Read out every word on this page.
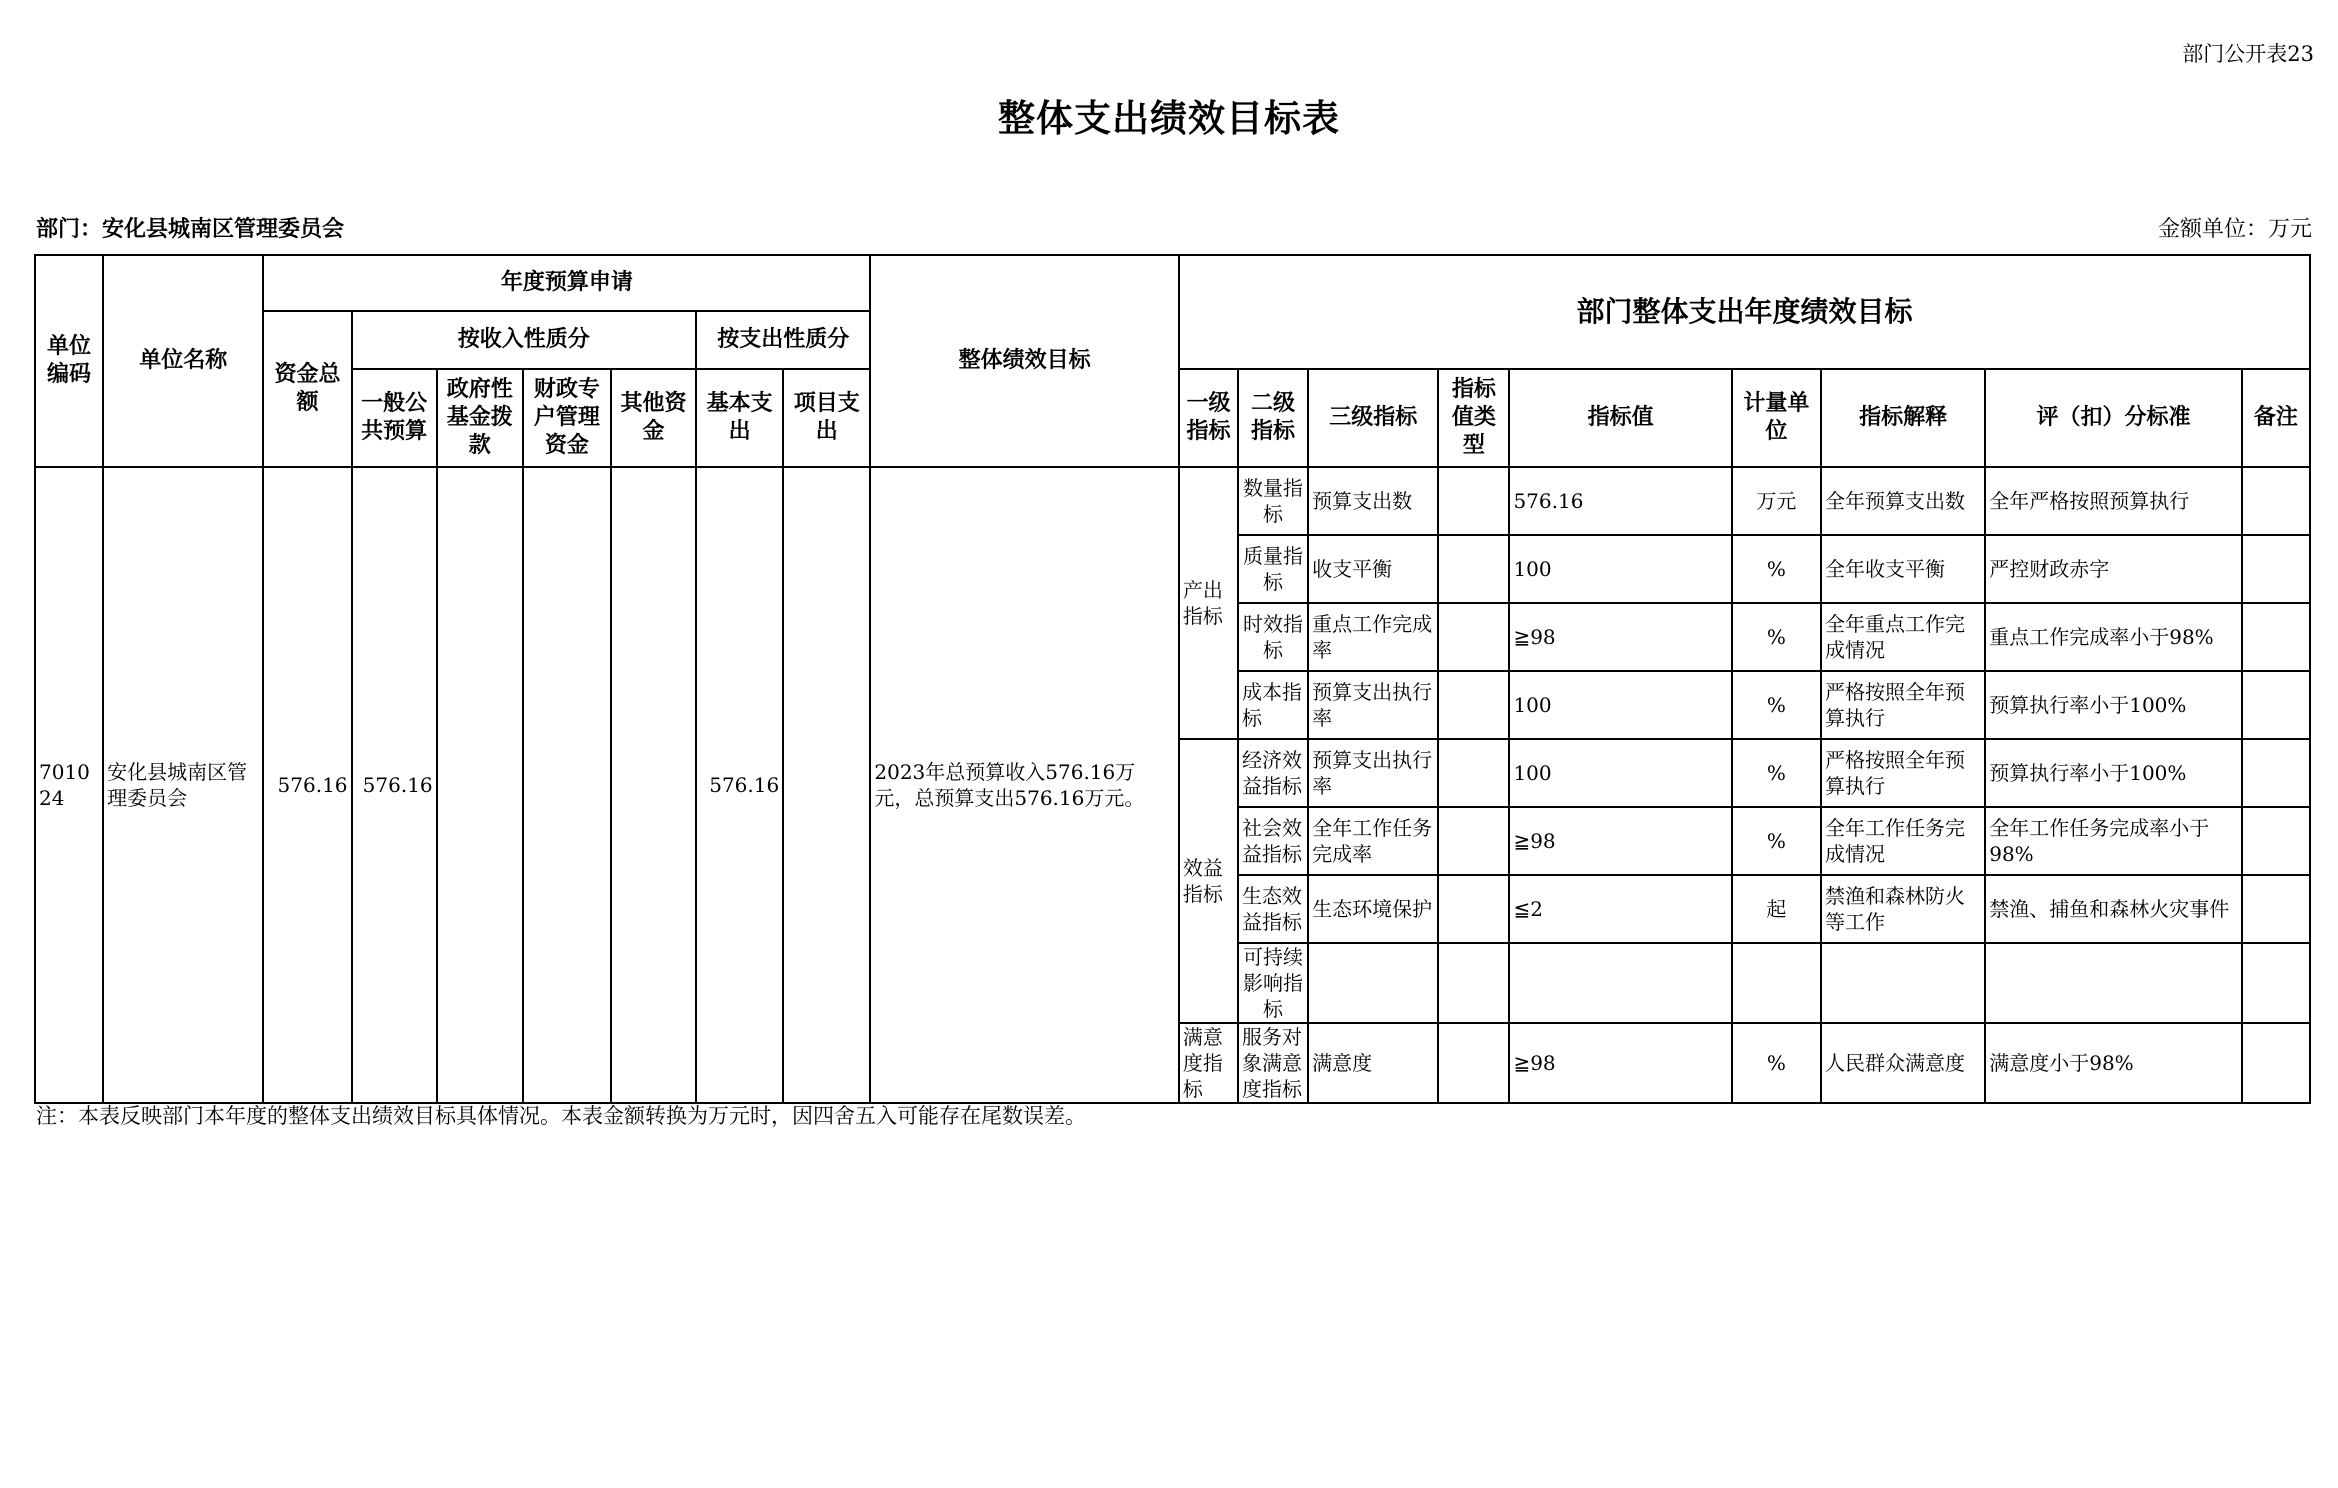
部门公开表23
整体支出绩效目标表
部门：安化县城南区管理委员会	金额单位：万元
单位编码	单位名称	年度预算申请							整体绩效目标	部门整体支出年度绩效目标								
		资金总额	按收入性质分				按支出性质分											
			一般公共预算	政府性基金拨款	财政专户管理资金	其他资金	基本支出	项目支出		一级指标	二级指标	三级指标	指标值类型	指标值	计量单位	指标解释	评（扣）分标准	备注
701024	安化县城南区管理委员会	576.16	576.16				576.16		2023年总预算收入576.16万元，总预算支出576.16万元。	产出指标	数量指标	预算支出数		576.16	万元	全年预算支出数	全年严格按照预算执行	
											质量指标	收支平衡		100	%	全年收支平衡	严控财政赤字	
											时效指标	重点工作完成率		≧98	%	全年重点工作完成情况	重点工作完成率小于98%	
											成本指标	预算支出执行率		100	%	严格按照全年预算执行	预算执行率小于100%	
										效益指标	经济效益指标	预算支出执行率		100	%	严格按照全年预算执行	预算执行率小于100%	
											社会效益指标	全年工作任务完成率		≧98	%	全年工作任务完成情况	全年工作任务完成率小于98%	
											生态效益指标	生态环境保护		≦2	起	禁渔和森林防火等工作	禁渔、捕鱼和森林火灾事件	
											可持续影响指标							
										满意度指标	服务对象满意度指标	满意度		≧98	%	人民群众满意度	满意度小于98%	
注：本表反映部门本年度的整体支出绩效目标具体情况。本表金额转换为万元时，因四舍五入可能存在尾数误差。
